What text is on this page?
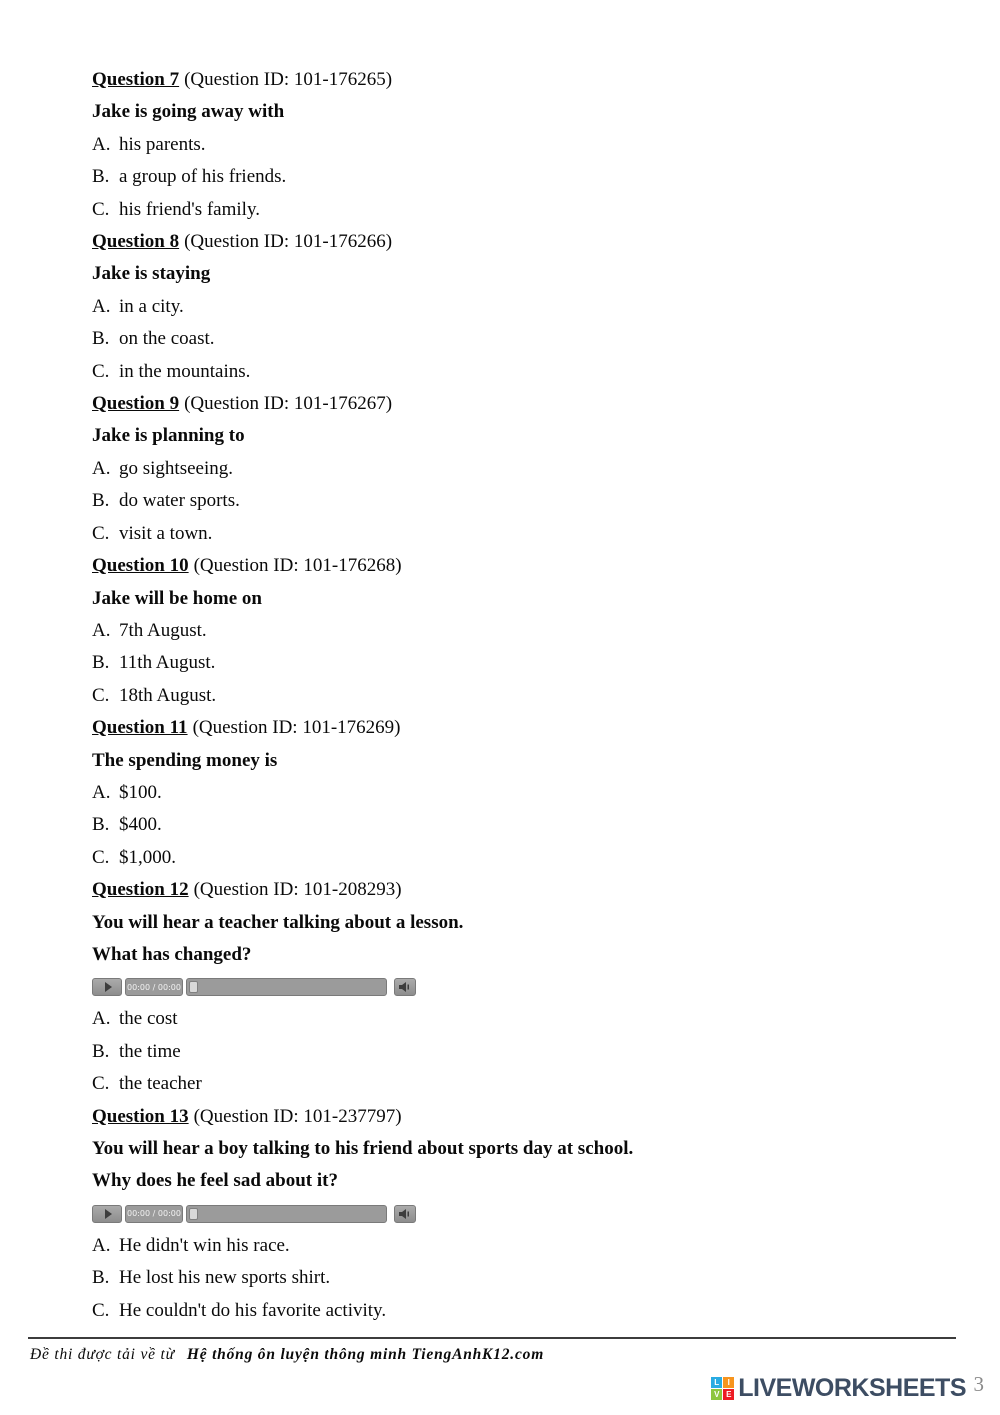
Question 7 (Question ID: 101-176265)
Jake is going away with
A. his parents.
B. a group of his friends.
C. his friend's family.
Question 8 (Question ID: 101-176266)
Jake is staying
A. in a city.
B. on the coast.
C. in the mountains.
Question 9 (Question ID: 101-176267)
Jake is planning to
A. go sightseeing.
B. do water sports.
C. visit a town.
Question 10 (Question ID: 101-176268)
Jake will be home on
A. 7th August.
B. 11th August.
C. 18th August.
Question 11 (Question ID: 101-176269)
The spending money is
A. $100.
B. $400.
C. $1,000.
Question 12 (Question ID: 101-208293)
You will hear a teacher talking about a lesson.
What has changed?
00:00 / 00:00
A. the cost
B. the time
C. the teacher
Question 13 (Question ID: 101-237797)
You will hear a boy talking to his friend about sports day at school.
Why does he feel sad about it?
00:00 / 00:00
A. He didn't win his race.
B. He lost his new sports shirt.
C. He couldn't do his favorite activity.
Đề thi được tải về từ Hệ thống ôn luyện thông minh TiengAnhK12.com
3
L	I
V E LIVEWORKSHEETS
